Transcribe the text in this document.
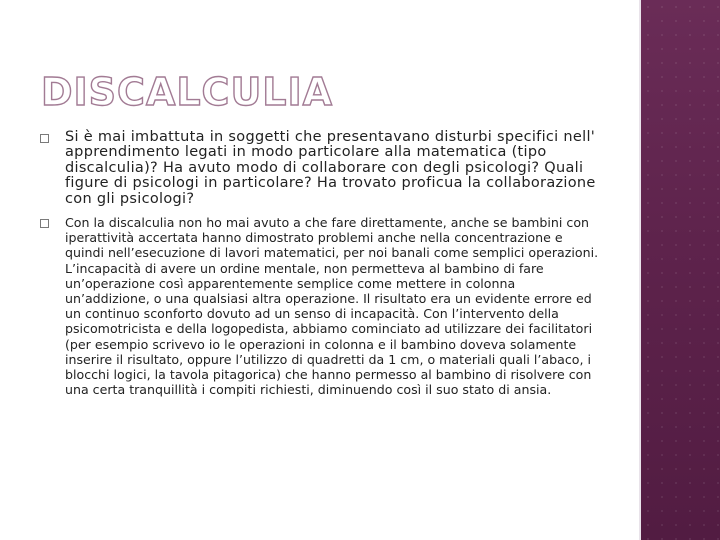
DISCALCULIA

Si è mai imbattuta in soggetti che presentavano disturbi specifici nell' apprendimento legati in modo particolare alla matematica (tipo discalculia)? Ha avuto modo di collaborare con degli psicologi? Quali figure di psicologi in particolare? Ha trovato proficua la collaborazione con gli psicologi?

Con la discalculia non ho mai avuto a che fare direttamente, anche se bambini con iperattività accertata hanno dimostrato problemi anche nella concentrazione e quindi nell’esecuzione di lavori matematici, per noi banali come semplici operazioni. L’incapacità di avere un ordine mentale, non permetteva al bambino di fare un’operazione così apparentemente semplice come mettere in colonna un’addizione, o una qualsiasi altra operazione. Il risultato era un evidente errore ed un continuo sconforto dovuto ad un senso di incapacità. Con l’intervento della psicomotricista e della logopedista, abbiamo cominciato ad utilizzare dei facilitatori (per esempio scrivevo io le operazioni in colonna e il bambino doveva solamente inserire il risultato, oppure l’utilizzo di quadretti da 1 cm, o materiali quali l’abaco, i blocchi logici, la tavola pitagorica) che hanno permesso al bambino di risolvere con una certa tranquillità i compiti richiesti, diminuendo così il suo stato di ansia.
